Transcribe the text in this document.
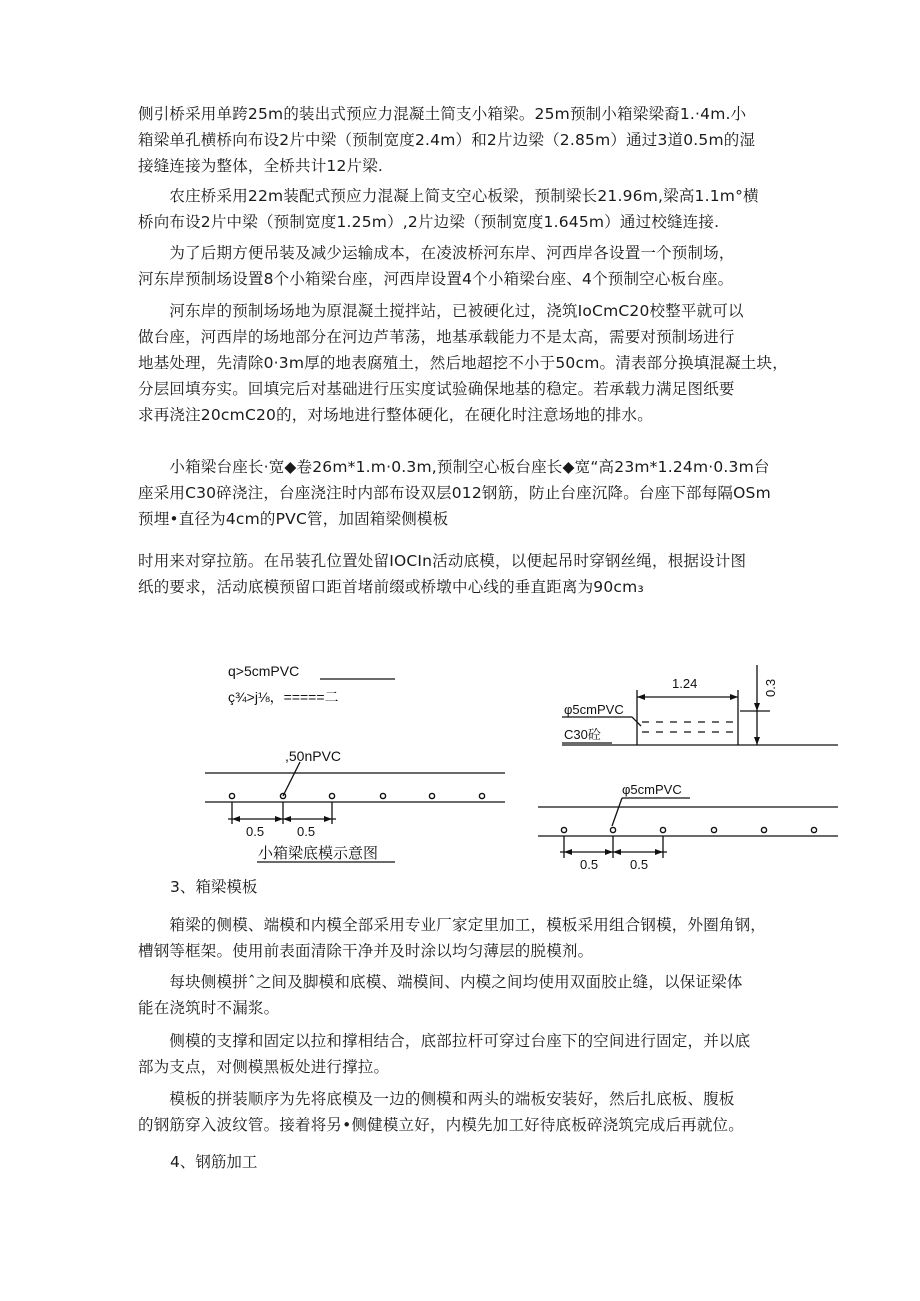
侧引桥采用单跨25m的装出式预应力混凝土简支小箱梁。25m预制小箱梁梁裔1.·4m.小
箱梁单孔横桥向布设2片中梁（预制宽度2.4m）和2片边梁（2.85m）通过3道0.5m的湿
接缝连接为整体，全桥共计12片梁.
　　农庄桥采用22m装配式预应力混凝上简支空心板梁，预制梁长21.96m,梁高1.1m°横
桥向布设2片中梁（预制宽度1.25m）,2片边梁（预制宽度1.645m）通过校缝连接.
　　为了后期方便吊装及减少运输成本，在凌波桥河东岸、河西岸各设置一个预制场，
河东岸预制场设置8个小箱梁台座，河西岸设置4个小箱梁台座、4个预制空心板台座。
　　河东岸的预制场场地为原混凝土搅拌站，已被硬化过，浇筑IoCmC20校整平就可以
做台座，河西岸的场地部分在河边芦苇荡，地基承载能力不是太高，需要对预制场进行
地基处理，先清除0·3m厚的地表腐殖土，然后地超挖不小于50cm。清表部分换填混凝土块，
分层回填夯实。回填完后对基础进行压实度试验确保地基的稳定。若承载力满足图纸要
求再浇注20cmC20的，对场地进行整体硬化，在硬化时注意场地的排水。
　　小箱梁台座长·宽◆卷26m*1.m·0.3m,预制空心板台座长◆宽“高23m*1.24m·0.3m台
座采用C30碎浇注，台座浇注时内部布设双层012钢筋，防止台座沉降。台座下部每隔OSm
预埋•直径为4cm的PVC管，加固箱梁侧模板
时用来对穿拉筋。在吊装孔位置处留IOCIn活动底模，以便起吊时穿钢丝绳，根据设计图
纸的要求，活动底模预留口距首堵前缀或桥墩中心线的垂直距离为90cm₃
q>5cmPVC
ç¾>j⅛，=====二
,50nPVC
0.5	0.5
小箱梁底模示意图
1.24	0.3
φ5cmPVC
C30砼
φ5cmPVC
0.5 0.5
3、箱梁模板
　　箱梁的侧模、端模和内模全部采用专业厂家定里加工，模板采用组合钢模，外圈角钢，
槽钢等框架。使用前表面清除干净并及时涂以均匀薄层的脱模剂。
　　每块侧模拼ˆ之间及脚模和底模、端模间、内模之间均使用双面胶止缝，以保证梁体
能在浇筑时不漏浆。
　　侧模的支撑和固定以拉和撑相结合，底部拉杆可穿过台座下的空间进行固定，并以底
部为支点，对侧模黑板处进行撑拉。
　　模板的拼装顺序为先将底模及一边的侧模和两头的端板安装好，然后扎底板、腹板
的钢筋穿入波纹管。接着将另•侧健模立好，内模先加工好待底板碎浇筑完成后再就位。
4、钢筋加工
